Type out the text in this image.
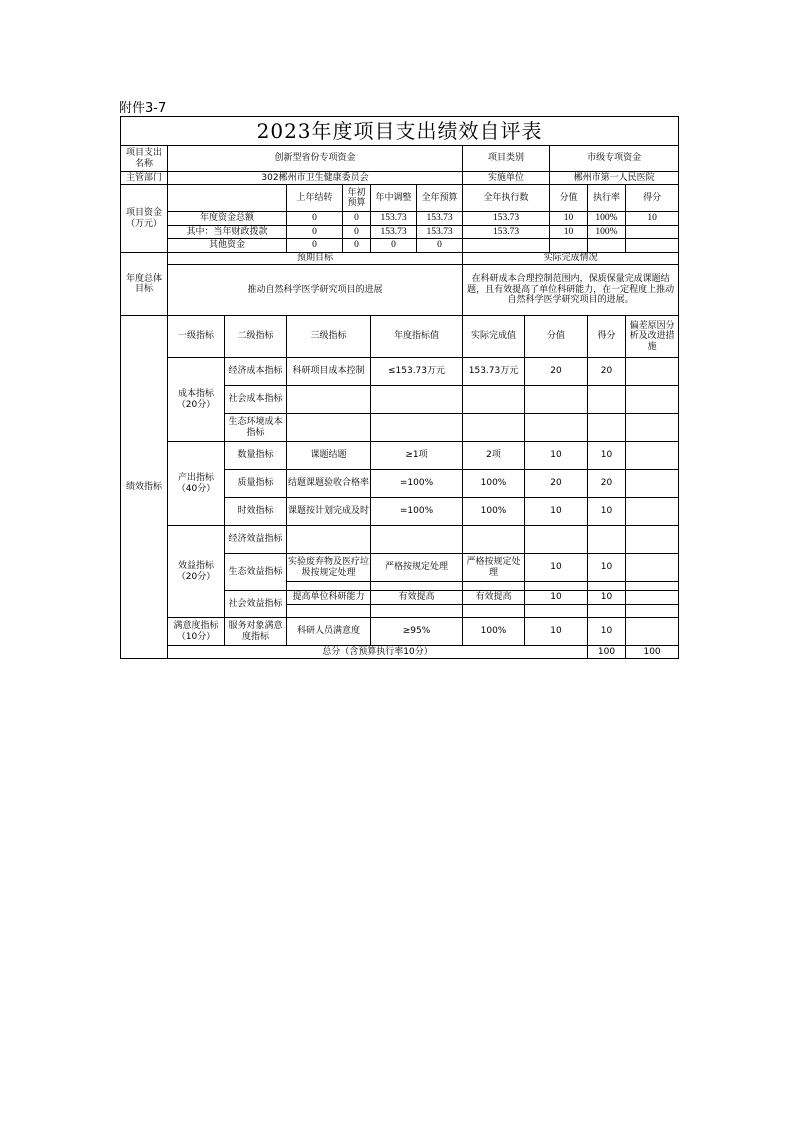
附件3-7
2023年度项目支出绩效自评表												
项目支出名称	创新型省份专项资金						项目类别		市级专项资金			
主管部门	302郴州市卫生健康委员会						实施单位		郴州市第一人民医院			
项目资金（万元）			上年结转	年初预算	年中调整	全年预算	全年执行数		分值	执行率	得分	
	年度资金总额		0	0	153.73	153.73	153.73		10	100%	10	
	其中：当年财政拨款		0	0	153.73	153.73	153.73		10	100%		
	其他资金		0	0	0	0						
年度总体目标	预期目标						实际完成情况					
	推动自然科学医学研究项目的进展						在科研成本合理控制范围内，保质保量完成课题结题，且有效提高了单位科研能力，在一定程度上推动自然科学医学研究项目的进展。					
绩效指标	一级指标	二级指标	三级指标		年度指标值		实际完成值	分值		得分	偏差原因分析及改进措施	
	成本指标（20分）	经济成本指标	科研项目成本控制		≤153.73万元		153.73万元	20		20		
		社会成本指标										
		生态环境成本指标										
	产出指标（40分）	数量指标	课题结题		≥1项		2项	10		10		
		质量指标	结题课题验收合格率		=100%		100%	20		20		
		时效指标	课题按计划完成及时		=100%		100%	10		10		
	效益指标（20分）	经济效益指标										
		生态效益指标	实验废弃物及医疗垃圾按规定处理		严格按规定处理		严格按规定处理	10		10		

		社会效益指标	提高单位科研能力		有效提高		有效提高	10		10		

	满意度指标（10分）	服务对象满意度指标	科研人员满意度		≥95%		100%	10		10		
	总分（含预算执行率10分）									100	100	
